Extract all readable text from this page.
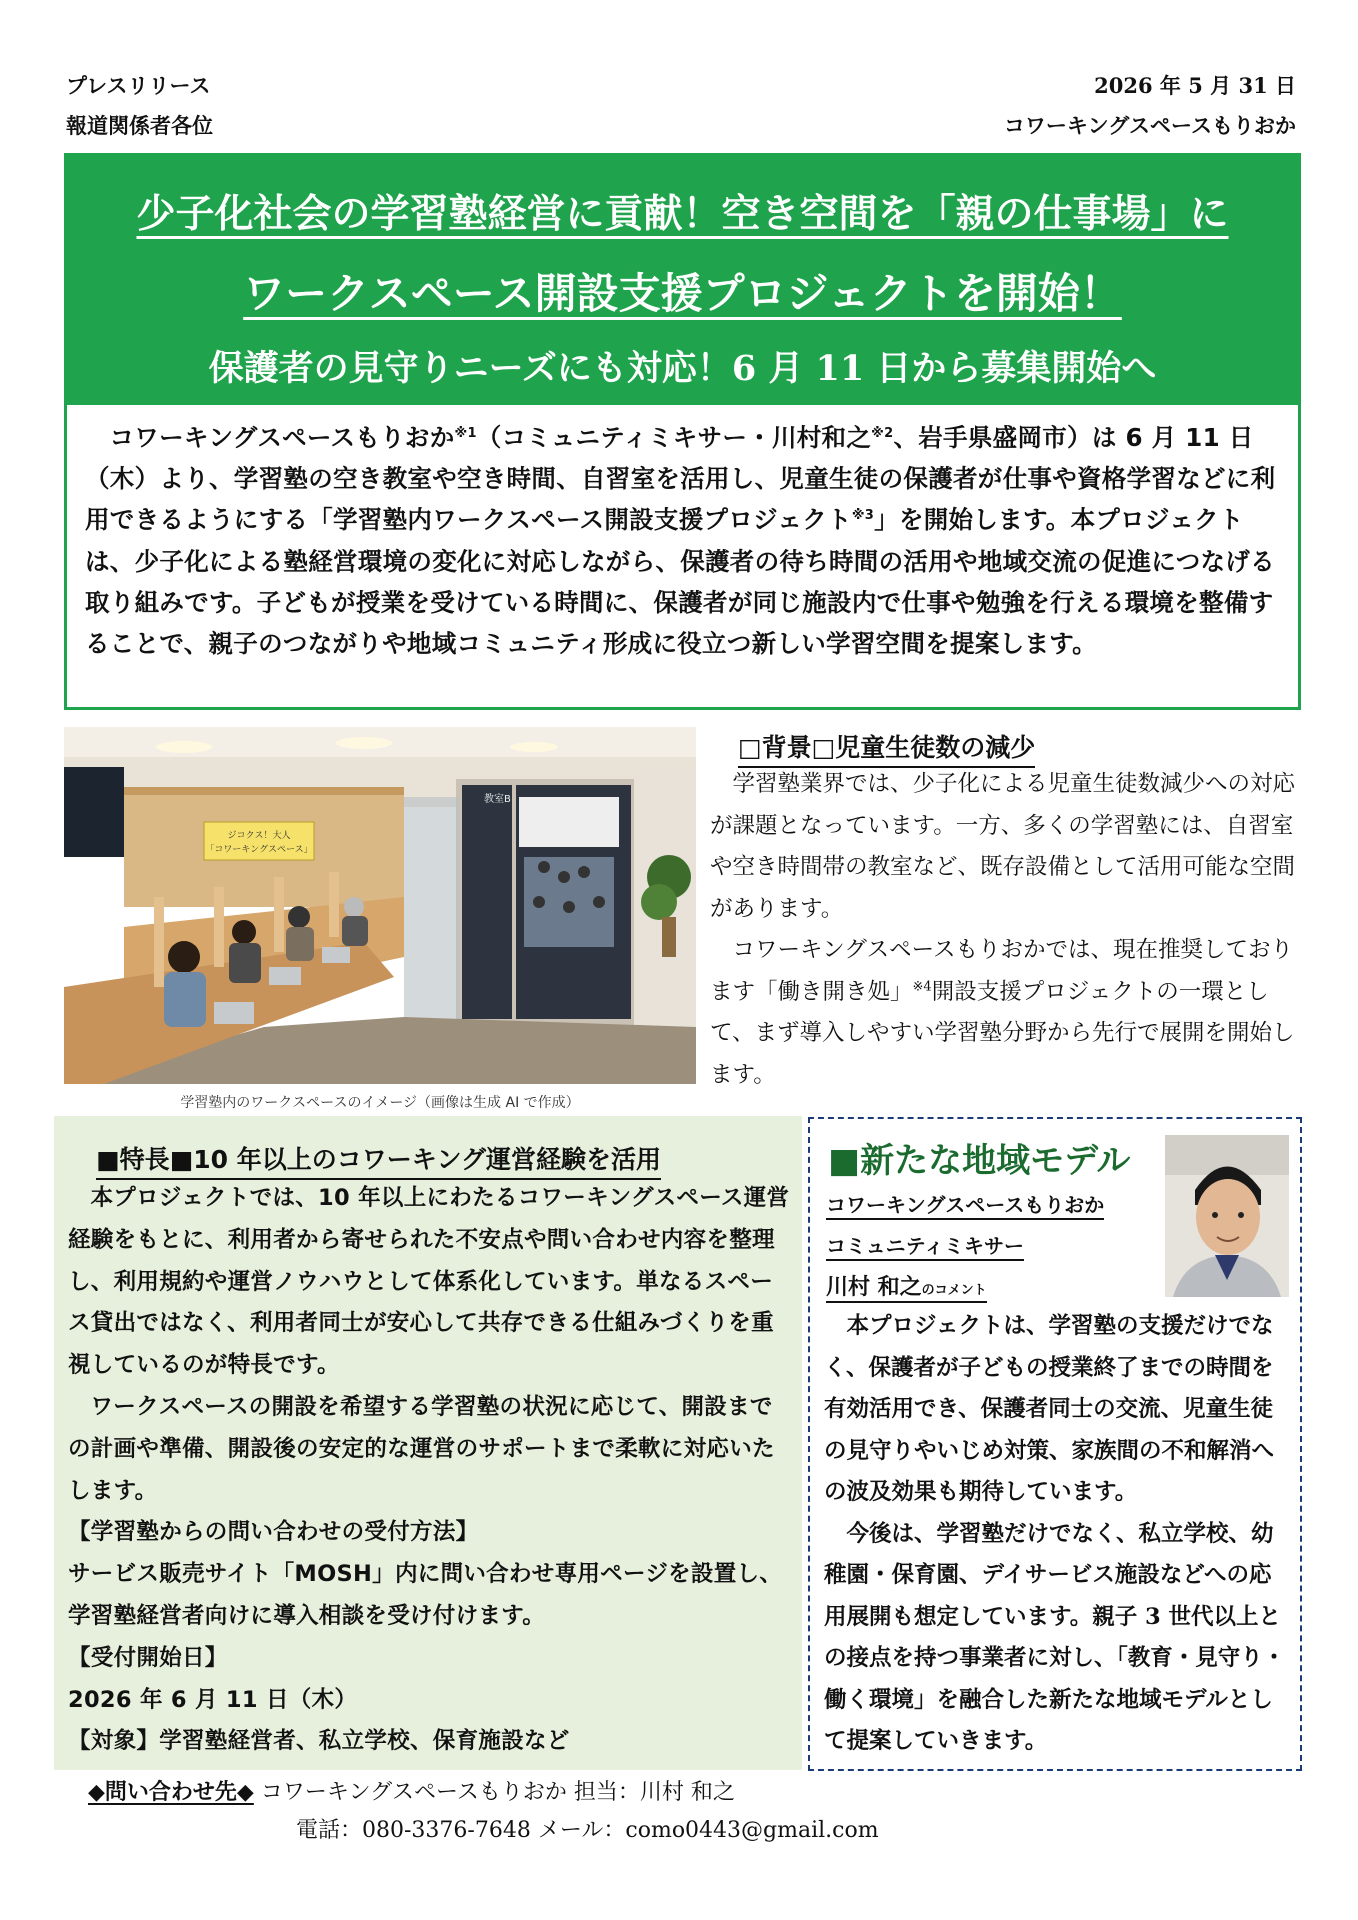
プレスリリース
報道関係者各位
2026 年 5 月 31 日
コワーキングスペースもりおか
少子化社会の学習塾経営に貢献！空き空間を「親の仕事場」に
ワークスペース開設支援プロジェクトを開始！
保護者の見守りニーズにも対応！6 月 11 日から募集開始へ
コワーキングスペースもりおか$^{※1}$（コミュニティミキサー・川村和之$^{※2}$、岩手県盛岡市）は 6 月 11 日（木）より、学習塾の空き教室や空き時間、自習室を活用し、児童生徒の保護者が仕事や資格学習などに利用できるようにする「学習塾内ワークスペース開設支援プロジェクト$^{※3}$」を開始します。本プロジェクトは、少子化による塾経営環境の変化に対応しながら、保護者の待ち時間の活用や地域交流の促進につなげる取り組みです。子どもが授業を受けている時間に、保護者が同じ施設内で仕事や勉強を行える環境を整備することで、親子のつながりや地域コミュニティ形成に役立つ新しい学習空間を提案します。
ジコクス！大人
「コワーキングスペース」
教室B
学習塾内のワークスペースのイメージ（画像は生成 AI で作成）
□背景□児童生徒数の減少
学習塾業界では、少子化による児童生徒数減少への対応が課題となっています。一方、多くの学習塾には、自習室や空き時間帯の教室など、既存設備として活用可能な空間があります。
コワーキングスペースもりおかでは、現在推奨しております「働き開き処」$^{※4}$開設支援プロジェクトの一環として、まず導入しやすい学習塾分野から先行で展開を開始します。
■特長■10 年以上のコワーキング運営経験を活用
本プロジェクトでは、10 年以上にわたるコワーキングスペース運営経験をもとに、利用者から寄せられた不安点や問い合わせ内容を整理し、利用規約や運営ノウハウとして体系化しています。単なるスペース貸出ではなく、利用者同士が安心して共存できる仕組みづくりを重視しているのが特長です。
ワークスペースの開設を希望する学習塾の状況に応じて、開設までの計画や準備、開設後の安定的な運営のサポートまで柔軟に対応いたします。
【学習塾からの問い合わせの受付方法】
サービス販売サイト「MOSH」内に問い合わせ専用ページを設置し、学習塾経営者向けに導入相談を受け付けます。
【受付開始日】
2026 年 6 月 11 日（木）
【対象】学習塾経営者、私立学校、保育施設など
■新たな地域モデル
コワーキングスペースもりおか
コミュニティミキサー
川村 和之のコメント
本プロジェクトは、学習塾の支援だけでなく、保護者が子どもの授業終了までの時間を有効活用でき、保護者同士の交流、児童生徒の見守りやいじめ対策、家族間の不和解消への波及効果も期待しています。
今後は、学習塾だけでなく、私立学校、幼稚園・保育園、デイサービス施設などへの応用展開も想定しています。親子 3 世代以上との接点を持つ事業者に対し、「教育・見守り・働く環境」を融合した新たな地域モデルとして提案していきます。
◆問い合わせ先◆ コワーキングスペースもりおか 担当：川村 和之
電話：080-3376-7648 メール：como0443@gmail.com
